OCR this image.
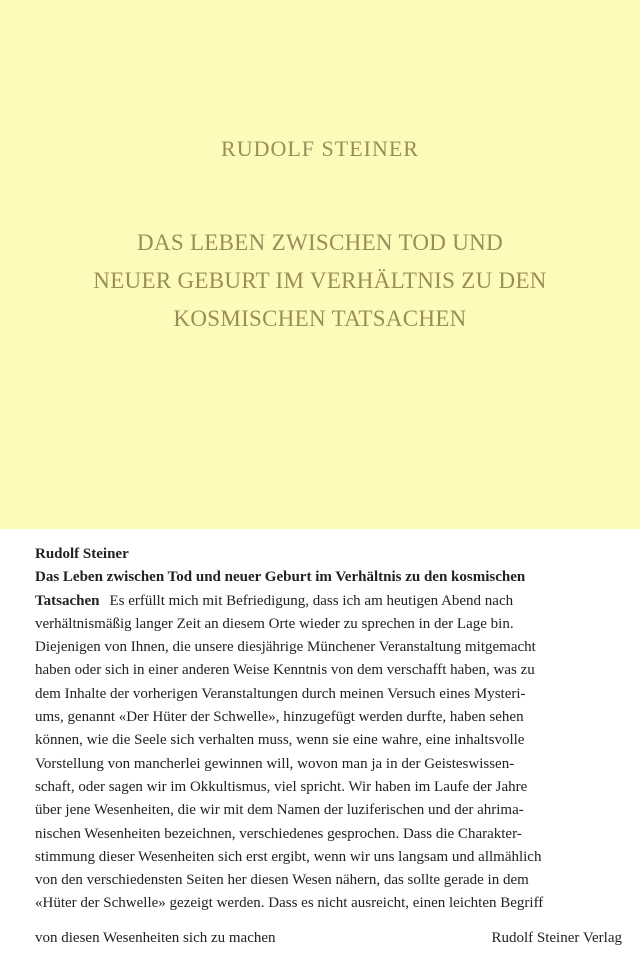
RUDOLF STEINER
DAS LEBEN ZWISCHEN TOD UND
NEUER GEBURT IM VERHÄLTNIS ZU DEN
KOSMISCHEN TATSACHEN
Rudolf Steiner
Das Leben zwischen Tod und neuer Geburt im Verhältnis zu den kosmischen
Tatsachen Es erfüllt mich mit Befriedigung, dass ich am heutigen Abend nach
verhältnismäßig langer Zeit an diesem Orte wieder zu sprechen in der Lage bin.
Diejenigen von Ihnen, die unsere diesjährige Münchener Veranstaltung mitgemacht
haben oder sich in einer anderen Weise Kenntnis von dem verschafft haben, was zu
dem Inhalte der vorherigen Veranstaltungen durch meinen Versuch eines Mysteri-
ums, genannt «Der Hüter der Schwelle», hinzugefügt werden durfte, haben sehen
können, wie die Seele sich verhalten muss, wenn sie eine wahre, eine inhaltsvolle
Vorstellung von mancherlei gewinnen will, wovon man ja in der Geisteswissen-
schaft, oder sagen wir im Okkultismus, viel spricht. Wir haben im Laufe der Jahre
über jene Wesenheiten, die wir mit dem Namen der luziferischen und der ahrima-
nischen Wesenheiten bezeichnen, verschiedenes gesprochen. Dass die Charakter-
stimmung dieser Wesenheiten sich erst ergibt, wenn wir uns langsam und allmählich
von den verschiedensten Seiten her diesen Wesen nähern, das sollte gerade in dem
«Hüter der Schwelle» gezeigt werden. Dass es nicht ausreicht, einen leichten Begriff
von diesen Wesenheiten sich zu machen	Rudolf Steiner Verlag
